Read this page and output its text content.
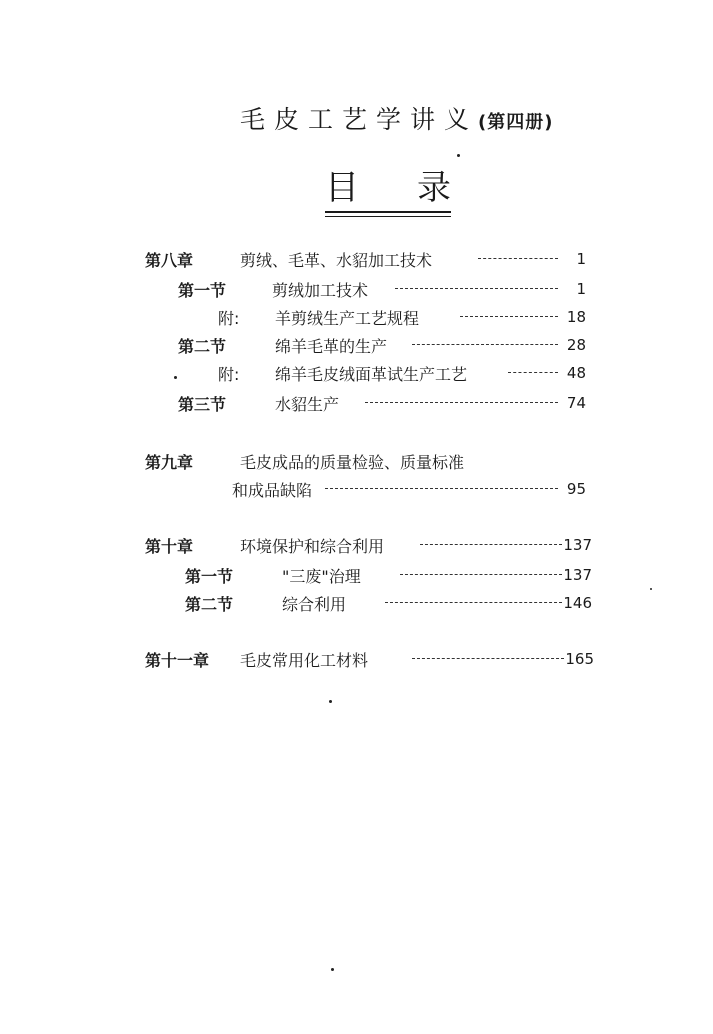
毛皮工艺学讲义(第四册)
目 录
第八章	剪绒、毛革、水貂加工技术	1
第一节	剪绒加工技术	1
附: 羊剪绒生产工艺规程	18
第二节	绵羊毛革的生产	28
附: 绵羊毛皮绒面革试生产工艺	48
第三节	水貂生产	74
第九章	毛皮成品的质量检验、质量标准
和成品缺陷	95
第十章	环境保护和综合利用	137
第一节	"三废"治理	137
第二节	综合利用	146
第十一章 毛皮常用化工材料	165
